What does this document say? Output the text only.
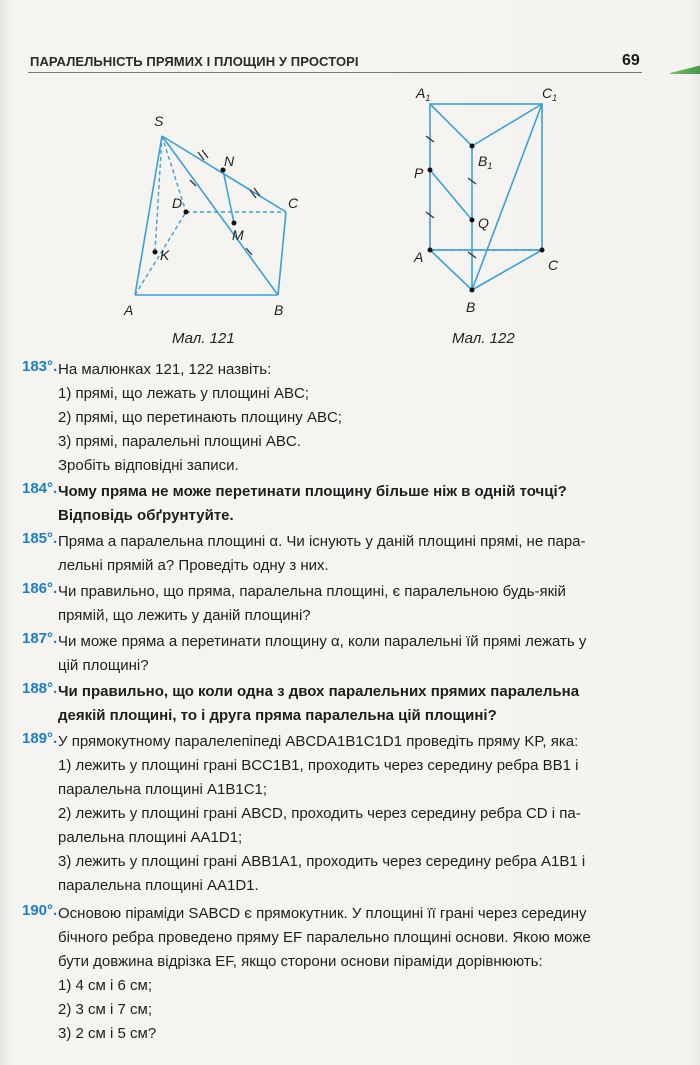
ПАРАЛЕЛЬНІСТЬ ПРЯМИХ І ПЛОЩИН У ПРОСТОРІ	69
S
N
D	C
M
K
A	B
Мал. 121
$A_1$	$C_1$
$B_1$
P
Q
A	C
B
Мал. 122
183°. На малюнках 121, 122 назвіть:
1) прямі, що лежать у площині ABC;
2) прямі, що перетинають площину ABC;
3) прямі, паралельні площині ABC.
Зробіть відповідні записи.
184°. Чому пряма не може перетинати площину більше ніж в одній точці?
Відповідь обґрунтуйте.
185°. Пряма a паралельна площині α. Чи існують у даній площині прямі, не пара-
лельні прямій a? Проведіть одну з них.
186°. Чи правильно, що пряма, паралельна площині, є паралельною будь-якій
прямій, що лежить у даній площині?
187°. Чи може пряма a перетинати площину α, коли паралельні їй прямі лежать у
цій площині?
188°. Чи правильно, що коли одна з двох паралельних прямих паралельна
деякій площині, то і друга пряма паралельна цій площині?
189°. У прямокутному паралелепіпеді ABCDA1B1C1D1 проведіть пряму KP, яка:
1) лежить у площині грані BCC1B1, проходить через середину ребра BB1 і
паралельна площині A1B1C1;
2) лежить у площині грані ABCD, проходить через середину ребра CD і па-
ралельна площині AA1D1;
3) лежить у площині грані ABB1A1, проходить через середину ребра A1B1 і
паралельна площині AA1D1.
190°. Основою піраміди SABCD є прямокутник. У площині її грані через середину
бічного ребра проведено пряму EF паралельно площині основи. Якою може
бути довжина відрізка EF, якщо сторони основи піраміди дорівнюють:
1) 4 см і 6 см;
2) 3 см і 7 см;
3) 2 см і 5 см?
